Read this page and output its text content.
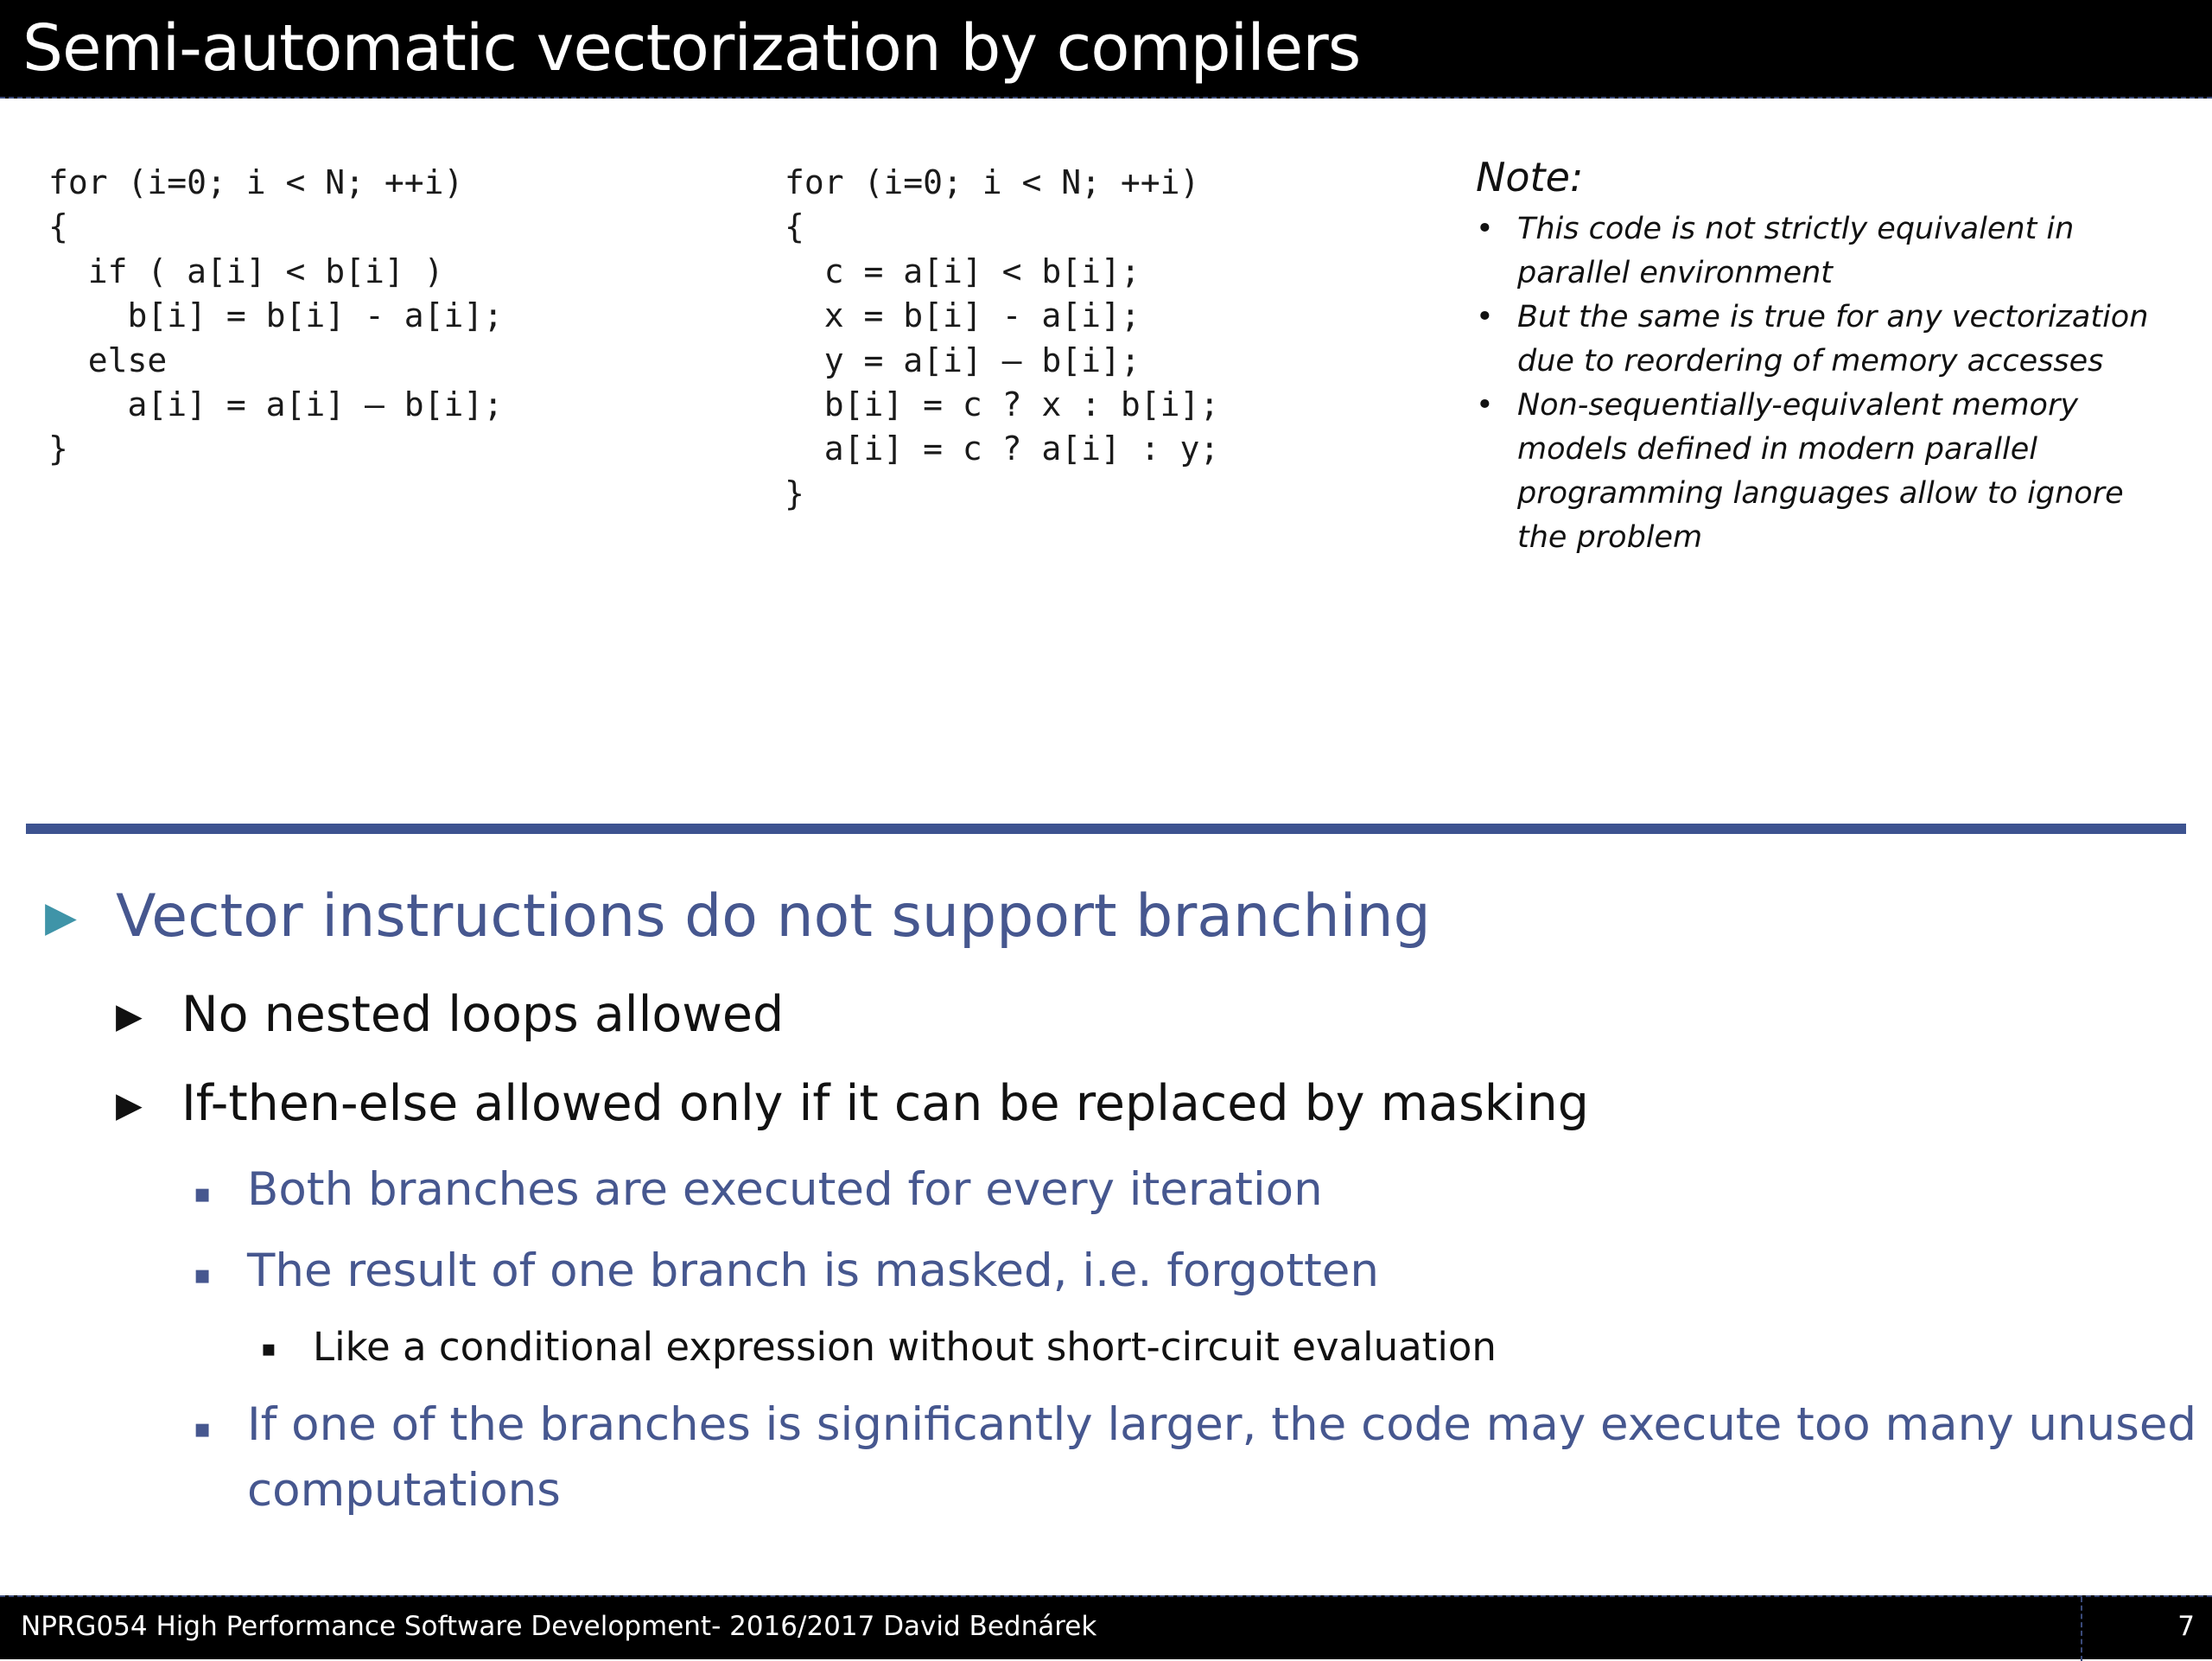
Semi-automatic vectorization by compilers
for (i=0; i < N; ++i)
{
if ( a[i] < b[i] )
b[i] = b[i] - a[i];
else
a[i] = a[i] – b[i];
}
for (i=0; i < N; ++i)
{
c = a[i] < b[i];
x = b[i] - a[i];
y = a[i] – b[i];
b[i] = c ? x : b[i];
a[i] = c ? a[i] : y;
}
Note:
• This code is not strictly equivalent in parallel environment
• But the same is true for any vectorization due to reordering of memory accesses
• Non-sequentially-equivalent memory models defined in modern parallel programming languages allow to ignore the problem
▶ Vector instructions do not support branching
▶ No nested loops allowed
▶ If-then-else allowed only if it can be replaced by masking
▪ Both branches are executed for every iteration
▪ The result of one branch is masked, i.e. forgotten
▪ Like a conditional expression without short-circuit evaluation
▪ If one of the branches is significantly larger, the code may execute too many unused
computations
NPRG054 High Performance Software Development- 2016/2017 David Bednárek	7
